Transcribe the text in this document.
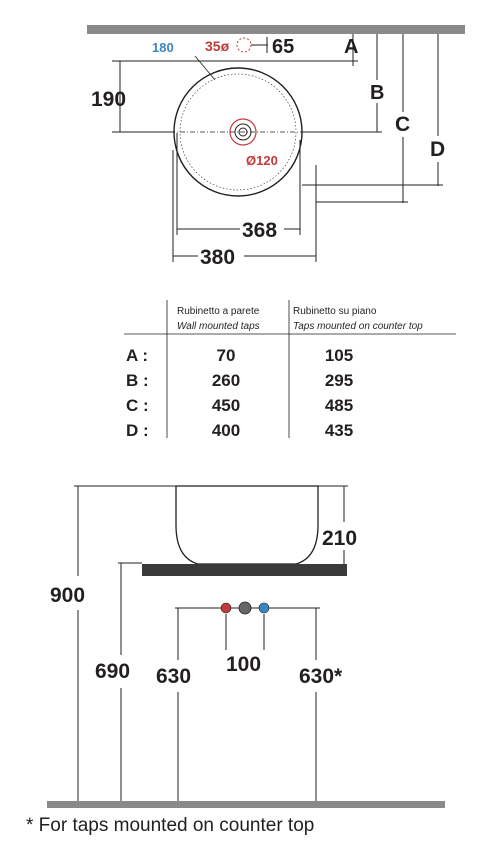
180 35ø 65 A
190	B
C
D
Ø120
368
380
Rubinetto a parete
Wall mounted taps
Rubinetto su piano
Taps mounted on counter top
A :	70	105
B :	260	295
C :	450	485
D :	400	435
900
210
690 630	630*
100
* For taps mounted on counter top
